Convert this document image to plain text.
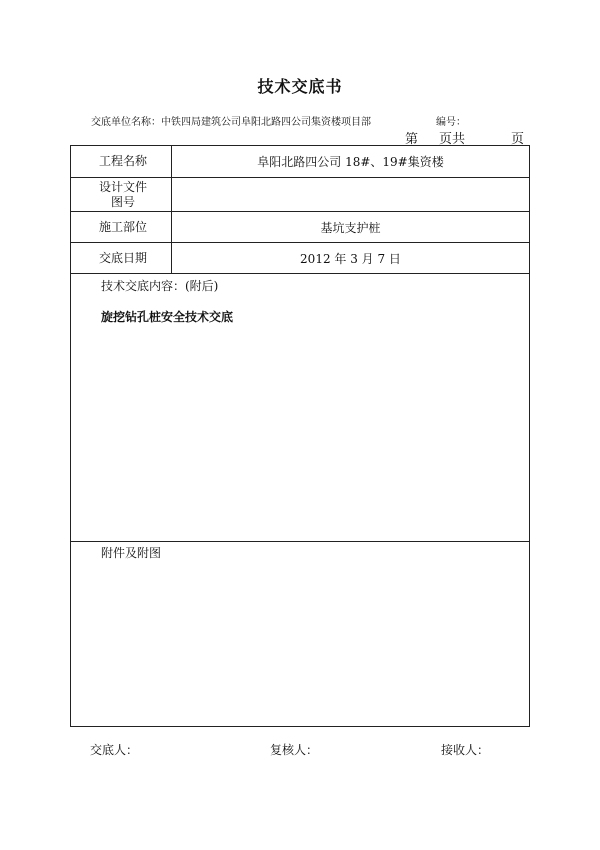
技术交底书
交底单位名称：中铁四局建筑公司阜阳北路四公司集资楼项目部	编号：
第 页共	页
工程名称	阜阳北路四公司 18#、19#集资楼
设计文件图号
施工部位	基坑支护桩
交底日期	2012 年 3 月 7 日
技术交底内容：(附后)
旋挖钻孔桩安全技术交底
附件及附图
交底人：	复核人：	接收人：
